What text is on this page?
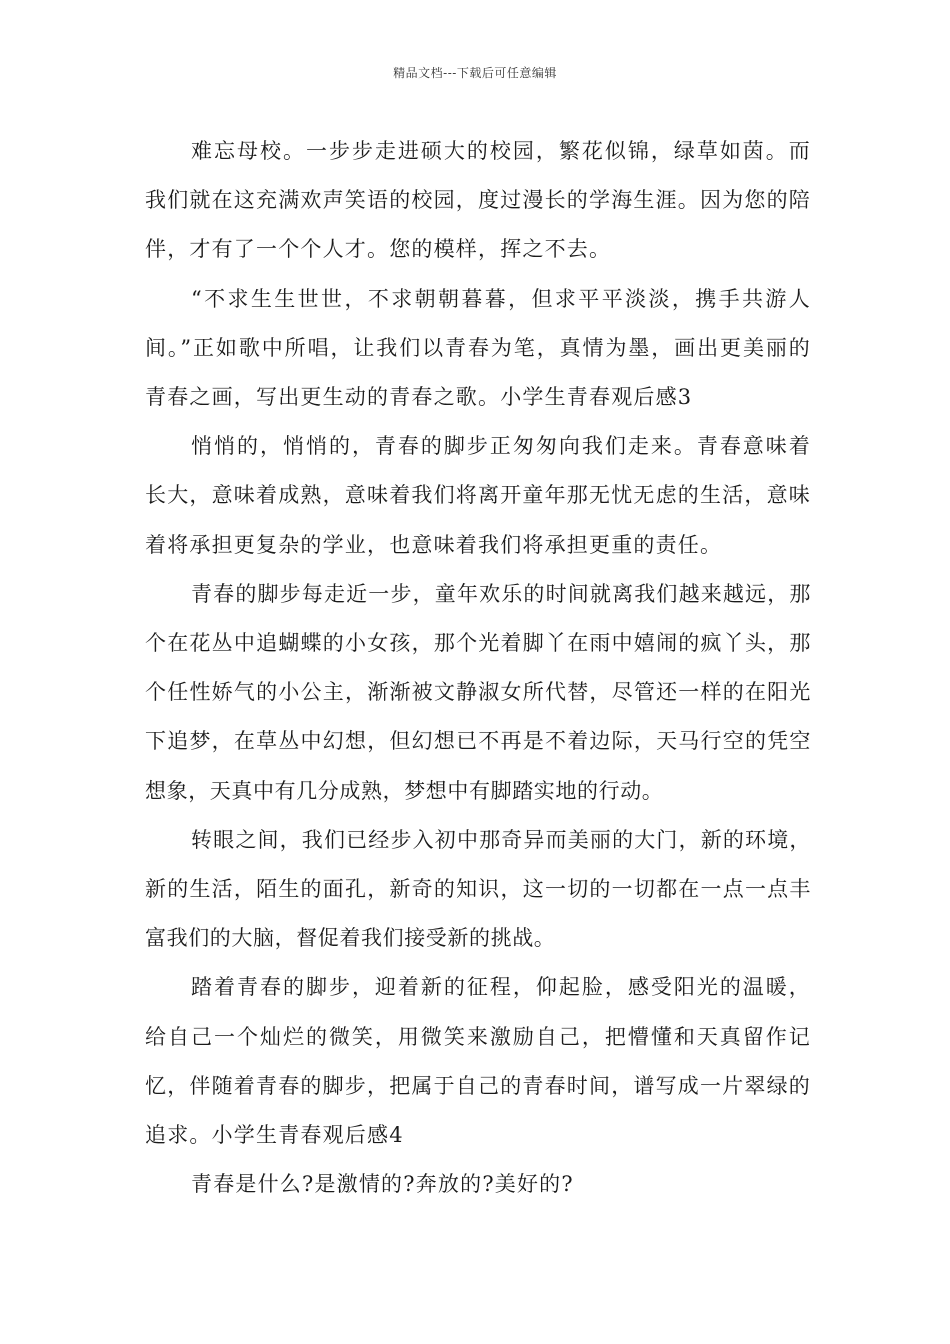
精品文档---下载后可任意编辑

难忘母校。一步步走进硕大的校园，繁花似锦，绿草如茵。而我们就在这充满欢声笑语的校园，度过漫长的学海生涯。因为您的陪伴，才有了一个个人才。您的模样，挥之不去。

“不求生生世世，不求朝朝暮暮，但求平平淡淡，携手共游人间。”正如歌中所唱，让我们以青春为笔，真情为墨，画出更美丽的青春之画，写出更生动的青春之歌。小学生青春观后感3

悄悄的，悄悄的，青春的脚步正匆匆向我们走来。青春意味着长大，意味着成熟，意味着我们将离开童年那无忧无虑的生活，意味着将承担更复杂的学业，也意味着我们将承担更重的责任。

青春的脚步每走近一步，童年欢乐的时间就离我们越来越远，那个在花丛中追蝴蝶的小女孩，那个光着脚丫在雨中嬉闹的疯丫头，那个任性娇气的小公主，渐渐被文静淑女所代替，尽管还一样的在阳光下追梦，在草丛中幻想，但幻想已不再是不着边际，天马行空的凭空想象，天真中有几分成熟，梦想中有脚踏实地的行动。

转眼之间，我们已经步入初中那奇异而美丽的大门，新的环境，新的生活，陌生的面孔，新奇的知识，这一切的一切都在一点一点丰富我们的大脑，督促着我们接受新的挑战。

踏着青春的脚步，迎着新的征程，仰起脸，感受阳光的温暖，给自己一个灿烂的微笑，用微笑来激励自己，把懵懂和天真留作记忆，伴随着青春的脚步，把属于自己的青春时间，谱写成一片翠绿的追求。小学生青春观后感4

青春是什么?是激情的?奔放的?美好的?
